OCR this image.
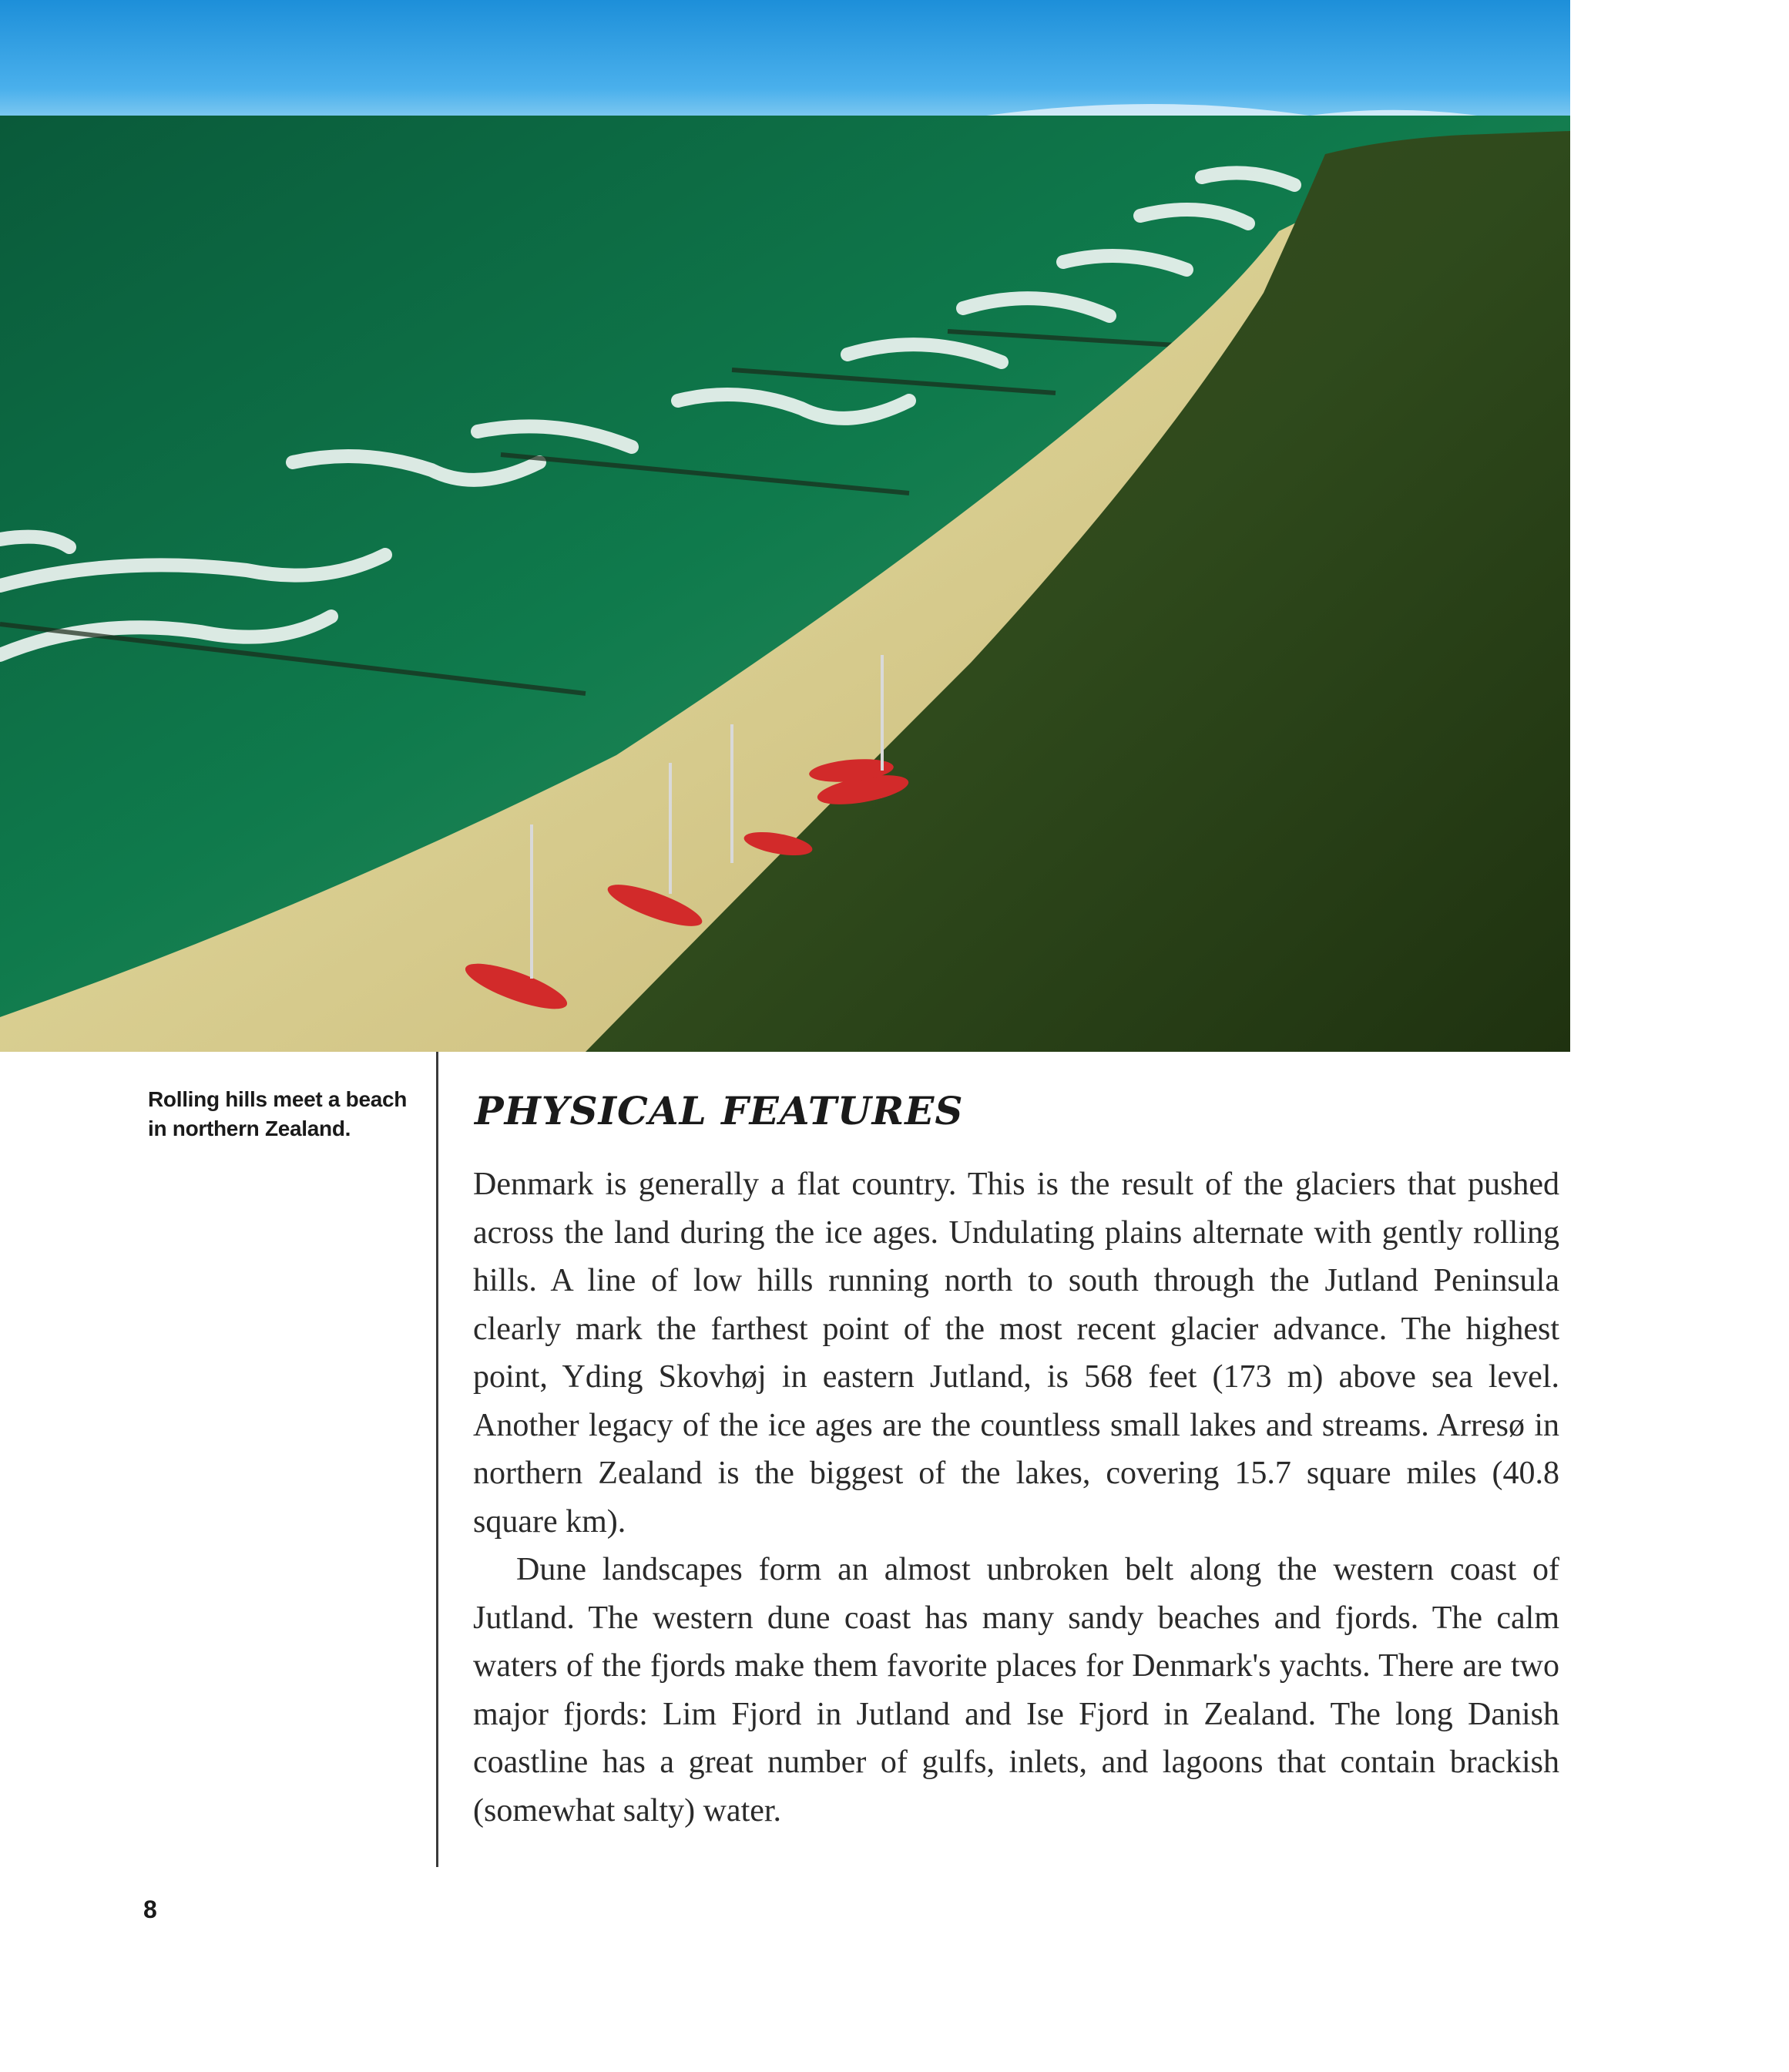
Rolling hills meet a beach in northern Zealand.	PHYSICAL FEATURES

Denmark is generally a flat country. This is the result of the glaciers that pushed across the land during the ice ages. Undulating plains alternate with gently rolling hills. A line of low hills running north to south through the Jutland Peninsula clearly mark the farthest point of the most recent glacier advance. The highest point, Yding Skovhøj in eastern Jutland, is 568 feet (173 m) above sea level. Another legacy of the ice ages are the countless small lakes and streams. Arresø in northern Zealand is the biggest of the lakes, covering 15.7 square miles (40.8 square km).

Dune landscapes form an almost unbroken belt along the western coast of Jutland. The western dune coast has many sandy beaches and fjords. The calm waters of the fjords make them favorite places for Denmark's yachts. There are two major fjords: Lim Fjord in Jutland and Ise Fjord in Zealand. The long Danish coastline has a great number of gulfs, inlets, and lagoons that contain brackish (somewhat salty) water.

8
